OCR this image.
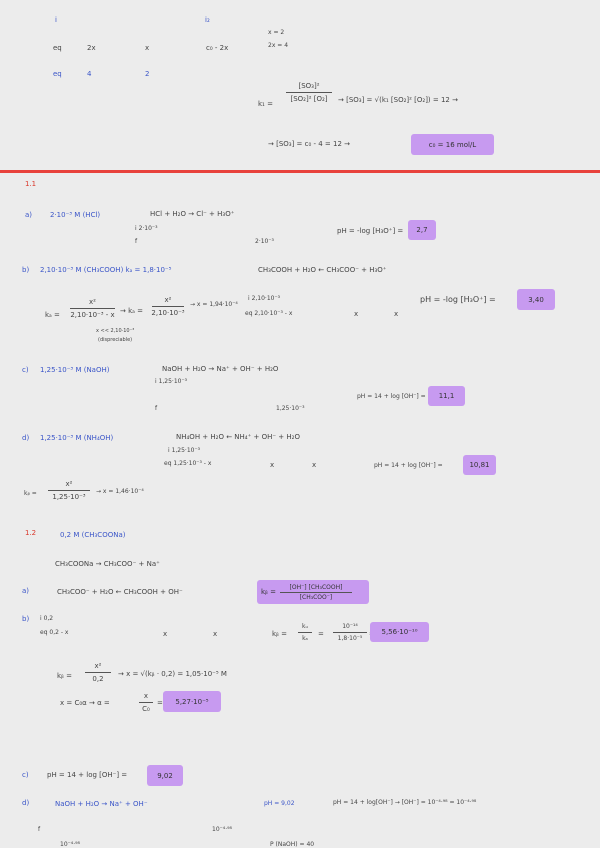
i	i₂
x = 2
2x = 4
eq	2x	x	c₀ - 2x
eq	4	2
k₁ =
[SO₃]²
[SO₂]² [O₂] → [SO₃] = √(k₁ [SO₂]² [O₂]) = 12 →
→ [SO₃] = c₀ - 4 = 12 →	c₀ = 16 mol/L
1.1
a)	2·10⁻³ M (HCl)	HCl + H₂O → Cl⁻ + H₃O⁺
i 2·10⁻³
f	2·10⁻³
pH = -log [H₃O⁺] = 2,7
b) 2,10·10⁻³ M (CH₃COOH) kₐ = 1,8·10⁻⁵	CH₃COOH + H₂O ← CH₃COO⁻ + H₃O⁺
kₐ =
x²
2,10·10⁻³ - x
x << 2,10·10⁻³
(dispreciable)
→ kₐ =
x²
2,10·10⁻³
→ x = 1,94·10⁻⁴
i 2,10·10⁻³
eq 2,10·10⁻³ - x	x	x
pH = -log [H₃O⁺] =	3,40
c) 1,25·10⁻³ M (NaOH)	NaOH + H₂O → Na⁺ + OH⁻ + H₂O
i 1,25·10⁻³
f	1,25·10⁻³
pH = 14 + log [OH⁻] = 11,1
d) 1,25·10⁻³ M (NH₄OH)	NH₄OH + H₂O ← NH₄⁺ + OH⁻ + H₂O
i 1,25·10⁻³
eq 1,25·10⁻³ - x	x	x	pH = 14 + log [OH⁻] =	10,81
kᵦ =
x²
1,25·10⁻³
→ x = 1,46·10⁻⁴
1.2	0,2 M (CH₃COONa)
CH₃COONa → CH₃COO⁻ + Na⁺
a)	CH₃COO⁻ + H₂O ← CH₃COOH + OH⁻	kᵦ =
[OH⁻] [CH₃COOH]
[CH₃COO⁻]
b) i 0,2
eq 0,2 - x	x	x	kᵦ =
kᵤ
kₐ
=
10⁻¹⁴
1,8·10⁻⁵
5,56·10⁻¹⁰
kᵦ =
x²
0,2
→ x = √(kᵦ · 0,2) = 1,05·10⁻⁵ M
x = C₀α → α =
x
C₀
= 5,27·10⁻⁵
c)	pH = 14 + log [OH⁻] =	9,02
d)	NaOH + H₂O → Na⁺ + OH⁻	pH = 9,02	pH = 14 + log[OH⁻] → [OH⁻] = 10⁻⁴·⁹⁸ = 10⁻⁴·⁹⁸
f	10⁻⁴·⁹⁸
10⁻⁴·⁹⁸	P (NaOH) = 40
